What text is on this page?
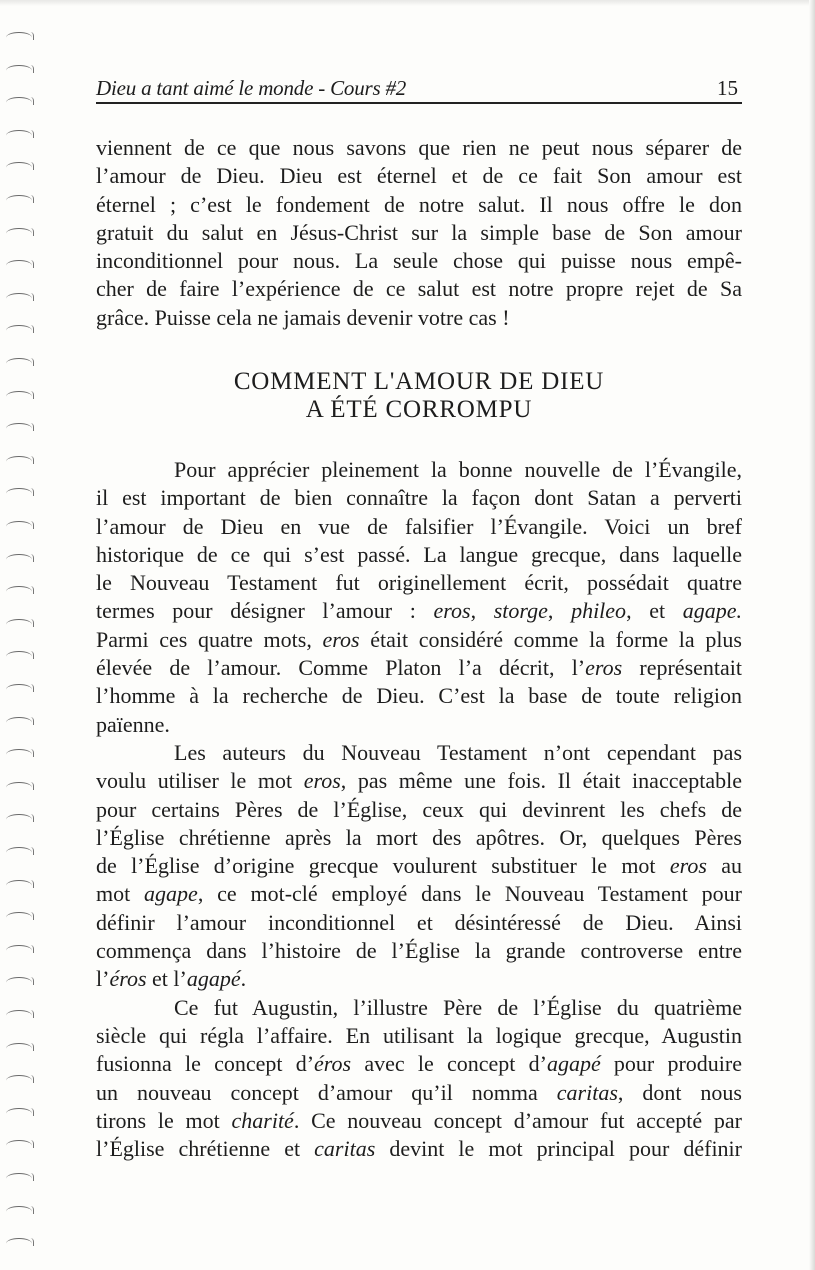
Dieu a tant aimé le monde - Cours #2	15
viennent de ce que nous savons que rien ne peut nous séparer de
l’amour de Dieu. Dieu est éternel et de ce fait Son amour est
éternel ; c’est le fondement de notre salut. Il nous offre le don
gratuit du salut en Jésus-Christ sur la simple base de Son amour
inconditionnel pour nous. La seule chose qui puisse nous empê-
cher de faire l’expérience de ce salut est notre propre rejet de Sa
grâce. Puisse cela ne jamais devenir votre cas !
COMMENT L'AMOUR DE DIEU
A ÉTÉ CORROMPU
Pour apprécier pleinement la bonne nouvelle de l’Évangile,
il est important de bien connaître la façon dont Satan a perverti
l’amour de Dieu en vue de falsifier l’Évangile. Voici un bref
historique de ce qui s’est passé. La langue grecque, dans laquelle
le Nouveau Testament fut originellement écrit, possédait quatre
termes pour désigner l’amour : eros, storge, phileo, et agape.
Parmi ces quatre mots, eros était considéré comme la forme la plus
élevée de l’amour. Comme Platon l’a décrit, l’eros représentait
l’homme à la recherche de Dieu. C’est la base de toute religion
païenne.
Les auteurs du Nouveau Testament n’ont cependant pas
voulu utiliser le mot eros, pas même une fois. Il était inacceptable
pour certains Pères de l’Église, ceux qui devinrent les chefs de
l’Église chrétienne après la mort des apôtres. Or, quelques Pères
de l’Église d’origine grecque voulurent substituer le mot eros au
mot agape, ce mot-clé employé dans le Nouveau Testament pour
définir l’amour inconditionnel et désintéressé de Dieu. Ainsi
commença dans l’histoire de l’Église la grande controverse entre
l’éros et l’agapé.
Ce fut Augustin, l’illustre Père de l’Église du quatrième
siècle qui régla l’affaire. En utilisant la logique grecque, Augustin
fusionna le concept d’éros avec le concept d’agapé pour produire
un nouveau concept d’amour qu’il nomma caritas, dont nous
tirons le mot charité. Ce nouveau concept d’amour fut accepté par
l’Église chrétienne et caritas devint le mot principal pour définir
